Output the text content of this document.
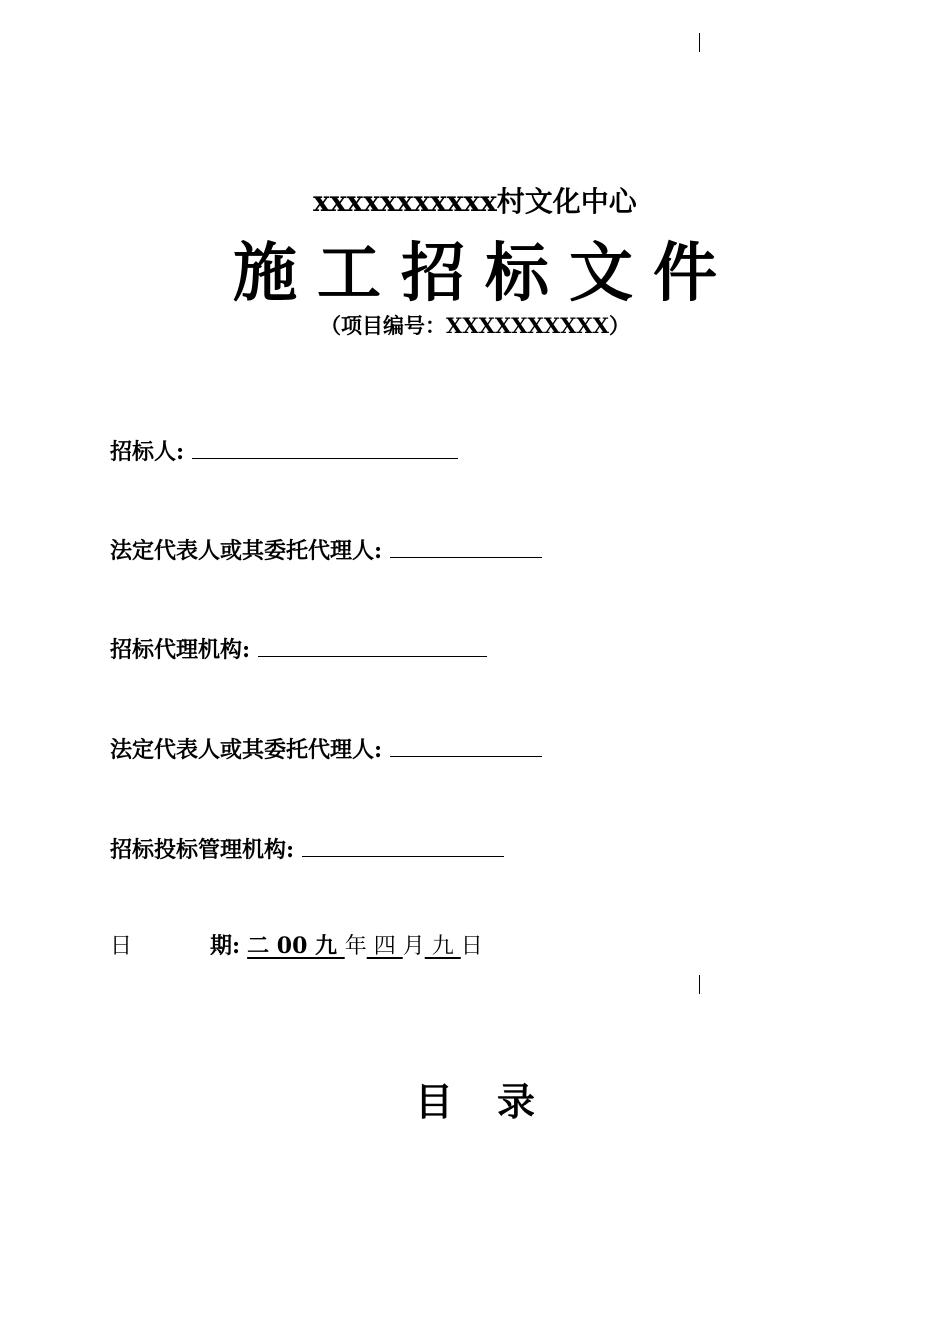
xxxxxxxxxxx村文化中心
施工招标文件
（项目编号：XXXXXXXXXX）
招标人:
法定代表人或其委托代理人:
招标代理机构:
法定代表人或其委托代理人:
招标投标管理机构:
日	期: 二 00 九 年 四 月 九 日
目录
